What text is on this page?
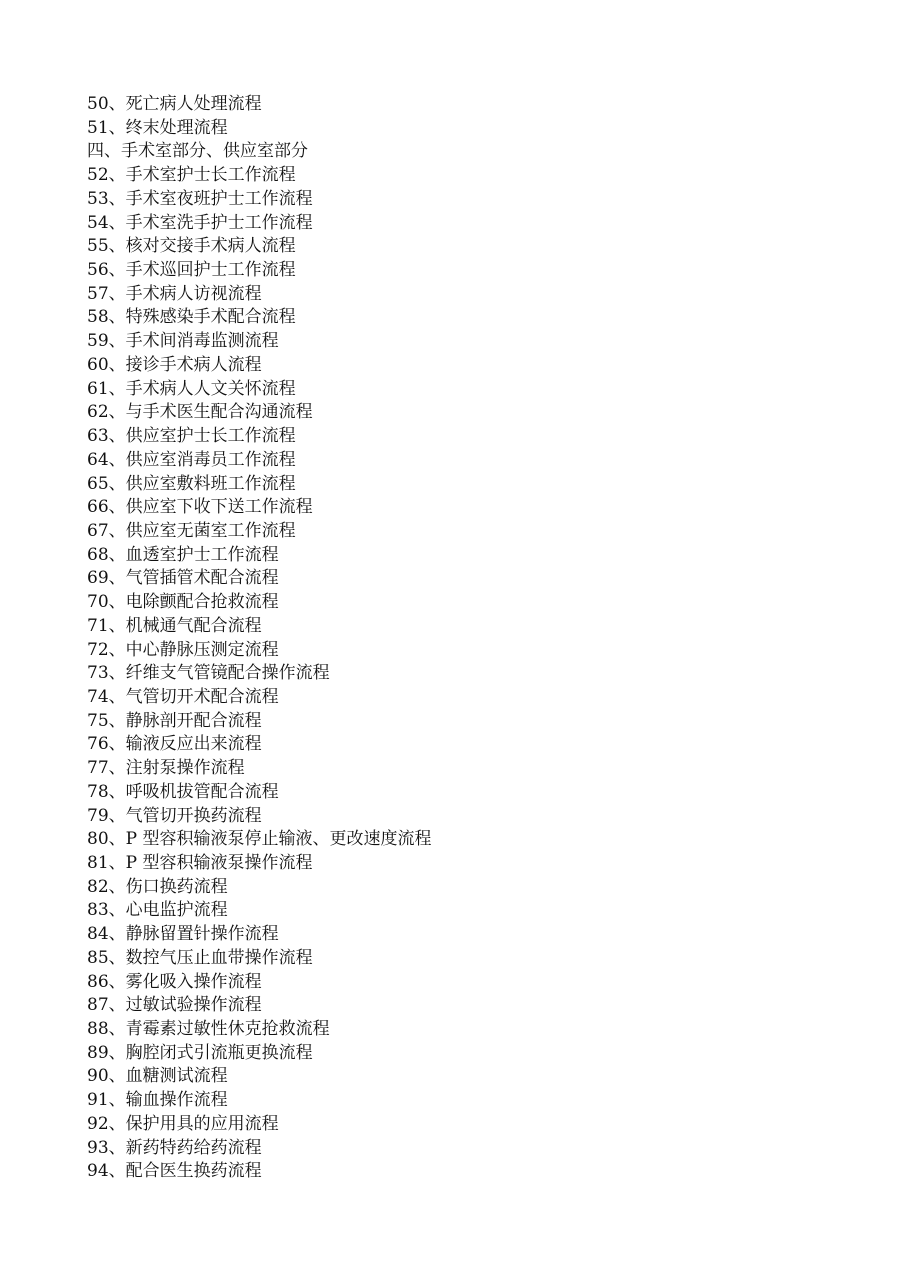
50、死亡病人处理流程
51、终末处理流程
四、手术室部分、供应室部分
52、手术室护士长工作流程
53、手术室夜班护士工作流程
54、手术室洗手护士工作流程
55、核对交接手术病人流程
56、手术巡回护士工作流程
57、手术病人访视流程
58、特殊感染手术配合流程
59、手术间消毒监测流程
60、接诊手术病人流程
61、手术病人人文关怀流程
62、与手术医生配合沟通流程
63、供应室护士长工作流程
64、供应室消毒员工作流程
65、供应室敷料班工作流程
66、供应室下收下送工作流程
67、供应室无菌室工作流程
68、血透室护士工作流程
69、气管插管术配合流程
70、电除颤配合抢救流程
71、机械通气配合流程
72、中心静脉压测定流程
73、纤维支气管镜配合操作流程
74、气管切开术配合流程
75、静脉剖开配合流程
76、输液反应出来流程
77、注射泵操作流程
78、呼吸机拔管配合流程
79、气管切开换药流程
80、P 型容积输液泵停止输液、更改速度流程
81、P 型容积输液泵操作流程
82、伤口换药流程
83、心电监护流程
84、静脉留置针操作流程
85、数控气压止血带操作流程
86、雾化吸入操作流程
87、过敏试验操作流程
88、青霉素过敏性休克抢救流程
89、胸腔闭式引流瓶更换流程
90、血糖测试流程
91、输血操作流程
92、保护用具的应用流程
93、新药特药给药流程
94、配合医生换药流程
